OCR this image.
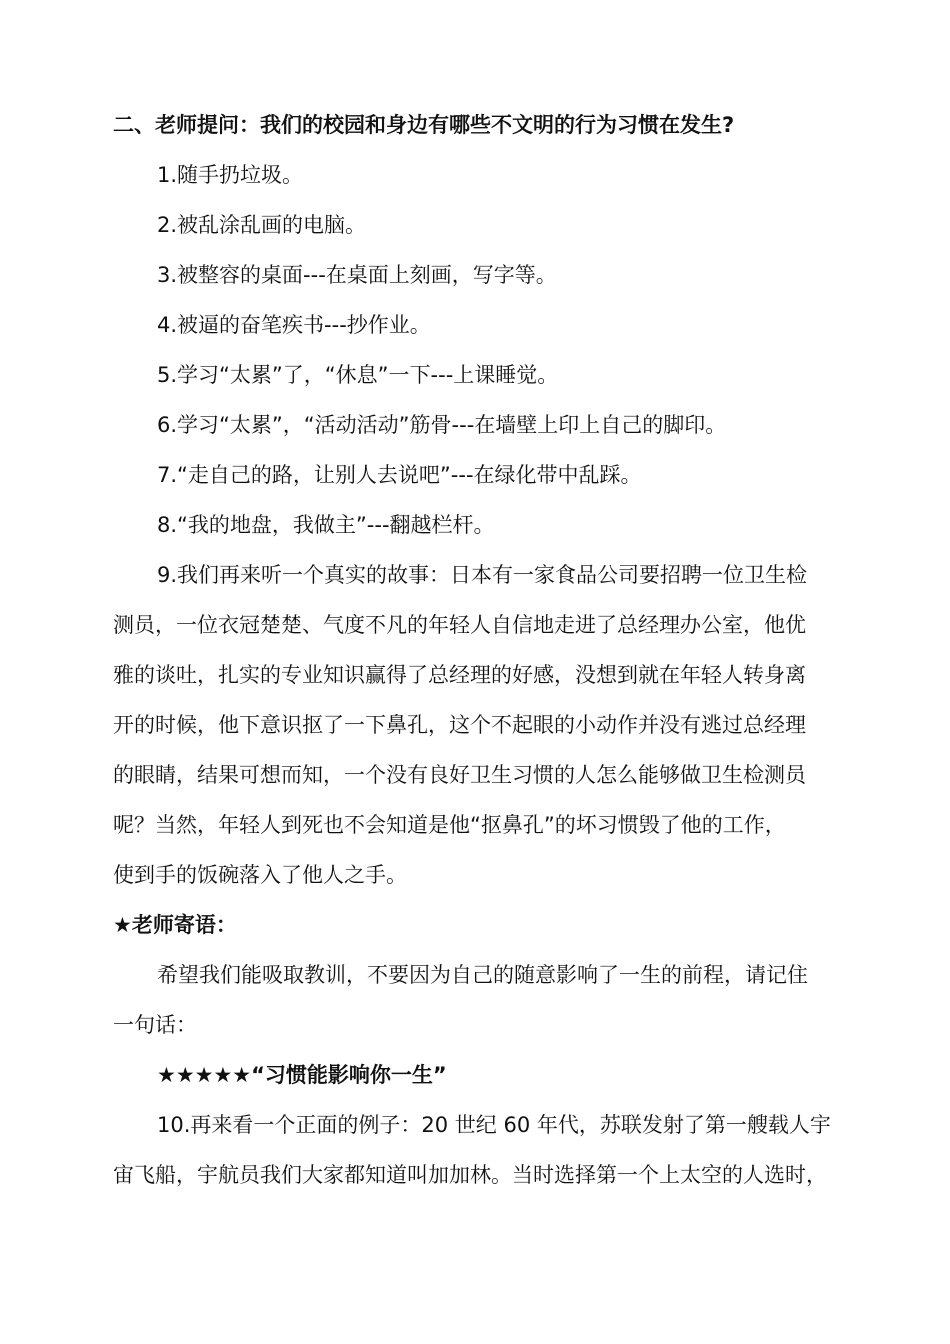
二、老师提问：我们的校园和身边有哪些不文明的行为习惯在发生?
1.随手扔垃圾。
2.被乱涂乱画的电脑。
3.被整容的桌面---在桌面上刻画，写字等。
4.被逼的奋笔疾书---抄作业。
5.学习“太累”了，“休息”一下---上课睡觉。
6.学习“太累”，“活动活动”筋骨---在墙壁上印上自己的脚印。
7.“走自己的路，让别人去说吧”---在绿化带中乱踩。
8.“我的地盘，我做主”---翻越栏杆。
9.我们再来听一个真实的故事：日本有一家食品公司要招聘一位卫生检
测员，一位衣冠楚楚、气度不凡的年轻人自信地走进了总经理办公室，他优
雅的谈吐，扎实的专业知识赢得了总经理的好感，没想到就在年轻人转身离
开的时候，他下意识抠了一下鼻孔，这个不起眼的小动作并没有逃过总经理
的眼睛，结果可想而知，一个没有良好卫生习惯的人怎么能够做卫生检测员
呢？当然，年轻人到死也不会知道是他“抠鼻孔”的坏习惯毁了他的工作，
使到手的饭碗落入了他人之手。
★老师寄语：
希望我们能吸取教训，不要因为自己的随意影响了一生的前程，请记住
一句话：
★★★★★“习惯能影响你一生”
10.再来看一个正面的例子：20 世纪 60 年代，苏联发射了第一艘载人宇
宙飞船，宇航员我们大家都知道叫加加林。当时选择第一个上太空的人选时，
